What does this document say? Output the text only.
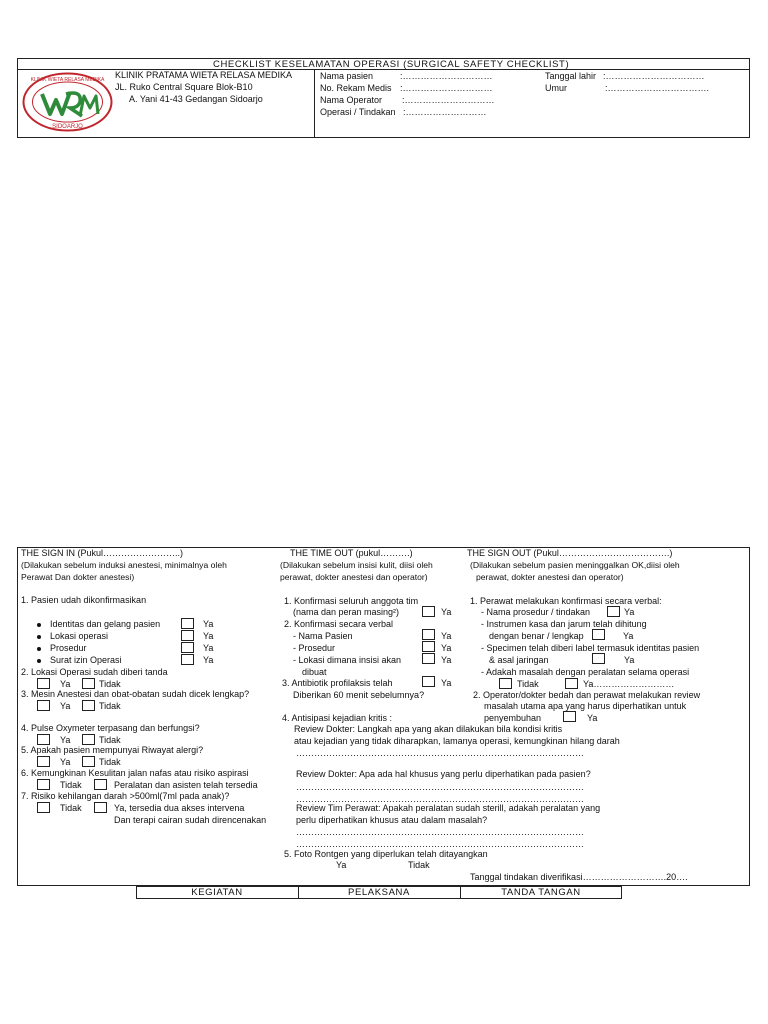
CHECKLIST KESELAMATAN OPERASI (SURGICAL SAFETY CHECKLIST)
SIDOARJO
KLINIK WIETA RELASA MEDIKA KLINIK PRATAMA WIETA RELASA MEDIKA
JL. Ruko Central Square Blok-B10
A. Yani 41-43 Gedangan Sidoarjo
Nama pasien	:…………………………
No. Rekam Medis :…………………………
Nama Operator :…………………………
Operasi / Tindakan :………………………
Tanggal lahir :……………………………
Umur	:…………………………….
THE SIGN IN (Pukul……………………..)
(Dilakukan sebelum induksi anestesi, minimalnya oleh
Perawat Dan dokter anestesi)
1. Pasien udah dikonfirmasikan
Identitas dan gelang pasien	Ya
Lokasi operasi	Ya
Prosedur	Ya
Surat izin Operasi	Ya
2. Lokasi Operasi sudah diberi tanda
Ya	Tidak
3. Mesin Anestesi dan obat-obatan sudah dicek lengkap?
Ya	Tidak
4. Pulse Oxymeter terpasang dan berfungsi?
Ya	Tidak
5. Apakah pasien mempunyai Riwayat alergi?
Ya	Tidak
6. Kemungkinan Kesulitan jalan nafas atau risiko aspirasi
Tidak	Peralatan dan asisten telah tersedia
7. Risiko kehilangan darah >500ml(7ml pada anak)?
Tidak	Ya, tersedia dua akses intervena
Dan terapi cairan sudah direncenakan
THE TIME OUT (pukul……….)
(Dilakukan sebelum insisi kulit, diisi oleh
perawat, dokter anestesi dan operator)
1. Konfirmasi seluruh anggota tim
(nama dan peran masing²)	Ya
2. Konfirmasi secara verbal
- Nama Pasien	Ya
- Prosedur	Ya
- Lokasi dimana insisi akan	Ya
dibuat
3. Antibiotik profilaksis telah	Ya
Diberikan 60 menit sebelumnya?
4. Antisipasi kejadian kritis :
Review Dokter: Langkah apa yang akan dilakukan bila kondisi kritis
atau kejadian yang tidak diharapkan, lamanya operasi, kemungkinan hilang darah
……………………………………………………………………………………
Review Dokter: Apa ada hal khusus yang perlu diperhatikan pada pasien?
……………………………………………………………………………………
……………………………………………………………………………………
Review Tim Perawat: Apakah peralatan sudah sterill, adakah peralatan yang
perlu diperhatikan khusus atau dalam masalah?
……………………………………………………………………………………
……………………………………………………………………………………
5. Foto Rontgen yang diperlukan telah ditayangkan
Ya	Tidak
THE SIGN OUT (Pukul……………………………….)
(Dilakukan sebelum pasien meninggalkan OK,diisi oleh
perawat, dokter anestesi dan operator)
1. Perawat melakukan konfirmasi secara verbal:
- Nama prosedur / tindakan	Ya
- Instrumen kasa dan jarum telah dihitung
dengan benar / lengkap	Ya
- Specimen telah diberi label termasuk identitas pasien
& asal jaringan	Ya
- Adakah masalah dengan peralatan selama operasi
Tidak	Ya………………………
2. Operator/dokter bedah dan perawat melakukan review
masalah utama apa yang harus diperhatikan untuk
penyembuhan	Ya
Tanggal tindakan diverifikasi……………………….20….
KEGIATAN	PELAKSANA	TANDA TANGAN
